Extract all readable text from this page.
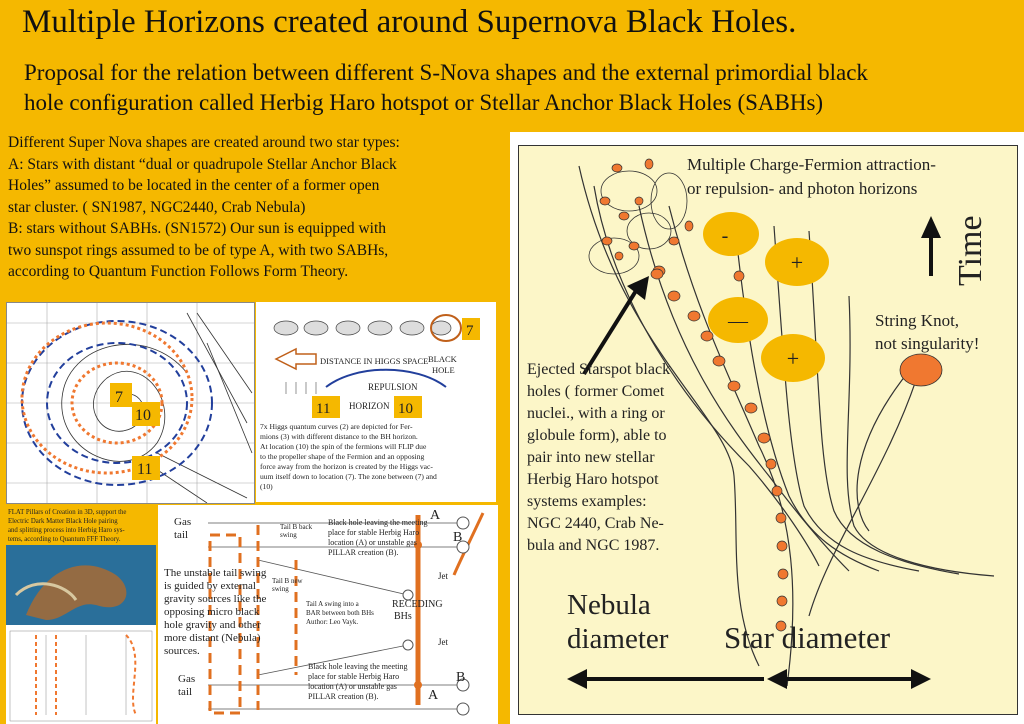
Multiple Horizons created around Supernova Black Holes.
Proposal for the relation between different S-Nova shapes and the external primordial black
hole configuration called Herbig Haro hotspot or Stellar Anchor Black Holes (SABHs)
Different Super Nova shapes are created around two star types:
A: Stars with distant “dual or quadrupole Stellar Anchor Black
Holes” assumed to be located in the center of a former open
star cluster. ( SN1987, NGC2440, Crab Nebula)
B: stars without SABHs. (SN1572) Our sun is equipped with
two sunspot rings assumed to be of type A, with two SABHs,
according to Quantum Function Follows Form Theory.
Multiple Charge-Fermion attraction-
or repulsion- and photon horizons
Time
-
+
—
+
String Knot,
not singularity!
Ejected Starspot black
holes ( former Comet
nuclei., with a ring or
globule form), able to
pair into new stellar
Herbig Haro hotspot
systems examples:
NGC 2440, Crab Ne-
bula and NGC 1987.
Nebula
diameter Star diameter
7
10
11
7
DISTANCE IN HIGGS SPACE BLACK
HOLE
REPULSION
HORIZON
11	10
7x Higgs quantum curves (2) are depicted for Fer-
mions (3) with different distance to the BH horizon.
At location (10) the spin of the fermions will FLIP due
to the propeller shape of the Fermion and an opposing
force away from the horizon is created by the Higgs vac-
uum itself down to location (7). The zone between (7) and
(10)
FLAT Pillars of Creation in 3D, support the
Electric Dark Matter Black Hole pairing
and splitting process into Herbig Haro sys-
tems, according to Quantum FFF Theory.
Gas
tail
Gas
tail
Tail B back
swing
Tail B new
swing
Black hole leaving the meeting
place for stable Herbig Haro
location (A) or unstable gas
PILLAR creation (B).
The unstable tail swing
is guided by external
gravity sources like the
opposing micro black
hole gravity and other
more distant (Nebula)
sources.
Tail A swing into a
BAR between both BHs
Author: Leo Vayk.
RECEDING
BHs
Jet
Jet
Black hole leaving the meeting
place for stable Herbig Haro
location (A) or unstable gas
PILLAR creation (B).
A
B
B
A
